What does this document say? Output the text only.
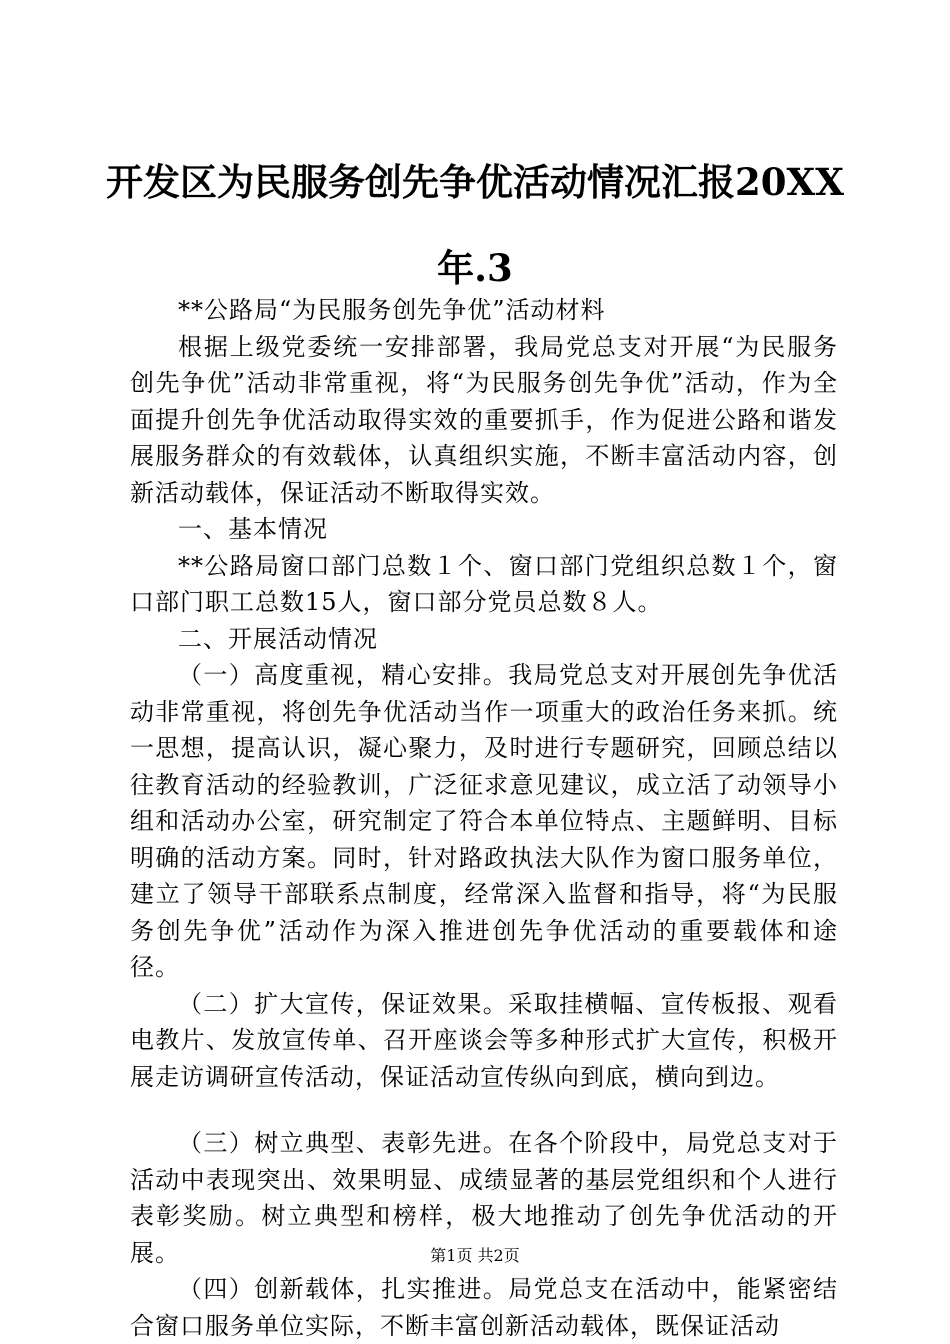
开发区为民服务创先争优活动情况汇报20XX
年.3

**公路局“为民服务创先争优”活动材料

根据上级党委统一安排部署，我局党总支对开展“为民服务创先争优”活动非常重视，将“为民服务创先争优”活动，作为全面提升创先争优活动取得实效的重要抓手，作为促进公路和谐发展服务群众的有效载体，认真组织实施，不断丰富活动内容，创新活动载体，保证活动不断取得实效。

一、基本情况

**公路局窗口部门总数１个、窗口部门党组织总数１个，窗口部门职工总数15人，窗口部分党员总数８人。

二、开展活动情况

（一）高度重视，精心安排。我局党总支对开展创先争优活动非常重视，将创先争优活动当作一项重大的政治任务来抓。统一思想，提高认识，凝心聚力，及时进行专题研究，回顾总结以往教育活动的经验教训，广泛征求意见建议，成立活了动领导小组和活动办公室，研究制定了符合本单位特点、主题鲜明、目标明确的活动方案。同时，针对路政执法大队作为窗口服务单位，建立了领导干部联系点制度，经常深入监督和指导，将“为民服务创先争优”活动作为深入推进创先争优活动的重要载体和途径。

（二）扩大宣传，保证效果。采取挂横幅、宣传板报、观看电教片、发放宣传单、召开座谈会等多种形式扩大宣传，积极开展走访调研宣传活动，保证活动宣传纵向到底，横向到边。

（三）树立典型、表彰先进。在各个阶段中，局党总支对于活动中表现突出、效果明显、成绩显著的基层党组织和个人进行表彰奖励。树立典型和榜样，极大地推动了创先争优活动的开展。

（四）创新载体，扎实推进。局党总支在活动中，能紧密结合窗口服务单位实际，不断丰富创新活动载体，既保证活动

第1页 共2页
